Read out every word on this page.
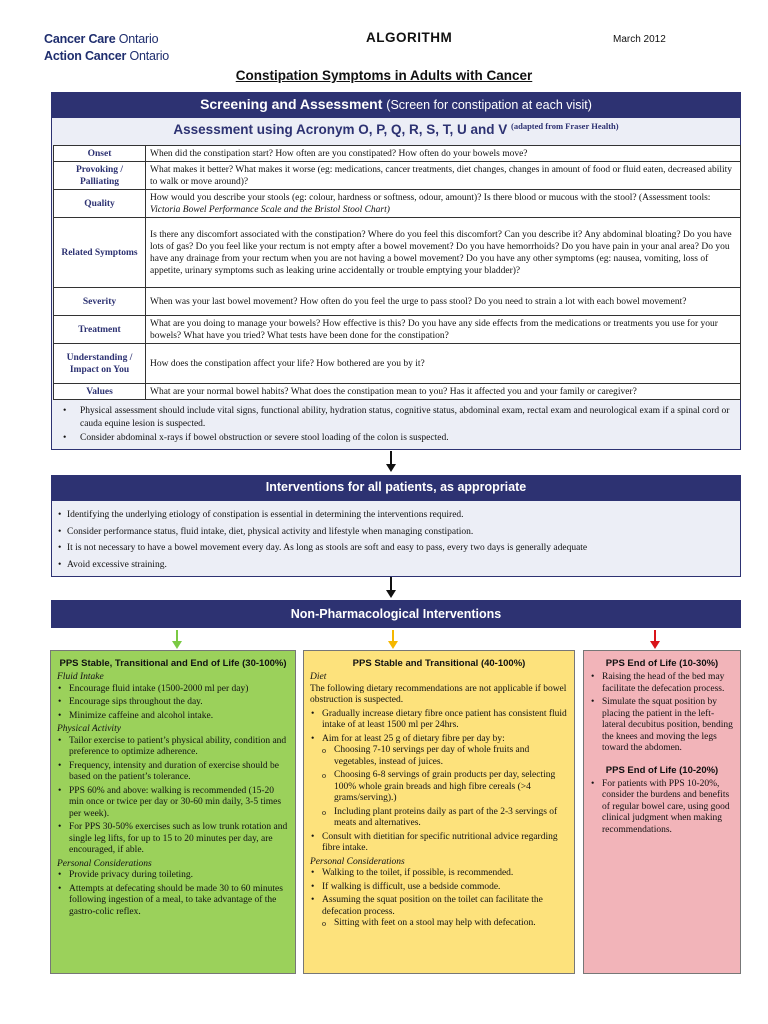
Cancer Care Ontario
Action Cancer Ontario
ALGORITHM	March 2012
Constipation Symptoms in Adults with Cancer
Screening and Assessment (Screen for constipation at each visit)
Assessment using Acronym O, P, Q, R, S, T, U and V $^{(adapted from Fraser Health)}$
Onset	When did the constipation start? How often are you constipated? How often do your bowels move?
Provoking / Palliating	What makes it better? What makes it worse (eg: medications, cancer treatments, diet changes, changes in amount of food or fluid eaten, decreased ability to walk or move around)?
Quality	How would you describe your stools (eg: colour, hardness or softness, odour, amount)? Is there blood or mucous with the stool? (Assessment tools: Victoria Bowel Performance Scale and the Bristol Stool Chart)
Related Symptoms	Is there any discomfort associated with the constipation? Where do you feel this discomfort? Can you describe it? Any abdominal bloating? Do you have lots of gas? Do you feel like your rectum is not empty after a bowel movement? Do you have hemorrhoids? Do you have pain in your anal area? Do you have any drainage from your rectum when you are not having a bowel movement? Do you have any other symptoms (eg: nausea, vomiting, loss of appetite, urinary symptoms such as leaking urine accidentally or trouble emptying your bladder)?
Severity	When was your last bowel movement? How often do you feel the urge to pass stool? Do you need to strain a lot with each bowel movement?
Treatment	What are you doing to manage your bowels? How effective is this? Do you have any side effects from the medications or treatments you use for your bowels? What have you tried? What tests have been done for the constipation?
Understanding / Impact on You	How does the constipation affect your life? How bothered are you by it?
Values	What are your normal bowel habits? What does the constipation mean to you? Has it affected you and your family or caregiver?
• Physical assessment should include vital signs, functional ability, hydration status, cognitive status, abdominal exam, rectal exam and neurological exam if a spinal cord or cauda equine lesion is suspected.
• Consider abdominal x-rays if bowel obstruction or severe stool loading of the colon is suspected.
Interventions for all patients, as appropriate
• Identifying the underlying etiology of constipation is essential in determining the interventions required.
• Consider performance status, fluid intake, diet, physical activity and lifestyle when managing constipation.
• It is not necessary to have a bowel movement every day. As long as stools are soft and easy to pass, every two days is generally adequate
• Avoid excessive straining.
Non-Pharmacological Interventions
PPS Stable, Transitional and End of Life (30-100%)

Fluid Intake

• Encourage fluid intake (1500-2000 ml per day)
• Encourage sips throughout the day.
• Minimize caffeine and alcohol intake.

Physical Activity

• Tailor exercise to patient’s physical ability, condition and preference to optimize adherence.
• Frequency, intensity and duration of exercise should be based on the patient’s tolerance.
• PPS 60% and above: walking is recommended (15-20 min once or twice per day or 30-60 min daily, 3-5 times per week).
• For PPS 30-50% exercises such as low trunk rotation and single leg lifts, for up to 15 to 20 minutes per day, are encouraged, if able.

Personal Considerations

• Provide privacy during toileting.
• Attempts at defecating should be made 30 to 60 minutes following ingestion of a meal, to take advantage of the gastro-colic reflex.
PPS Stable and Transitional (40-100%)

Diet

The following dietary recommendations are not applicable if bowel obstruction is suspected.

• Gradually increase dietary fibre once patient has consistent fluid intake of at least 1500 ml per 24hrs.
• Aim for at least 25 g of dietary fibre per day by:
o Choosing 7-10 servings per day of whole fruits and vegetables, instead of juices.
o Choosing 6-8 servings of grain products per day, selecting 100% whole grain breads and high fibre cereals (>4 grams/serving).)
o Including plant proteins daily as part of the 2-3 servings of meats and alternatives.
• Consult with dietitian for specific nutritional advice regarding fibre intake.

Personal Considerations

• Walking to the toilet, if possible, is recommended.
• If walking is difficult, use a bedside commode.
• Assuming the squat position on the toilet can facilitate the defecation process.
o Sitting with feet on a stool may help with defecation.
PPS End of Life (10-30%)
• Raising the head of the bed may facilitate the defecation process.
• Simulate the squat position by placing the patient in the left-lateral decubitus position, bending the knees and moving the legs toward the abdomen.
PPS End of Life (10-20%)
• For patients with PPS 10-20%, consider the burdens and benefits of regular bowel care, using good clinical judgment when making recommendations.
